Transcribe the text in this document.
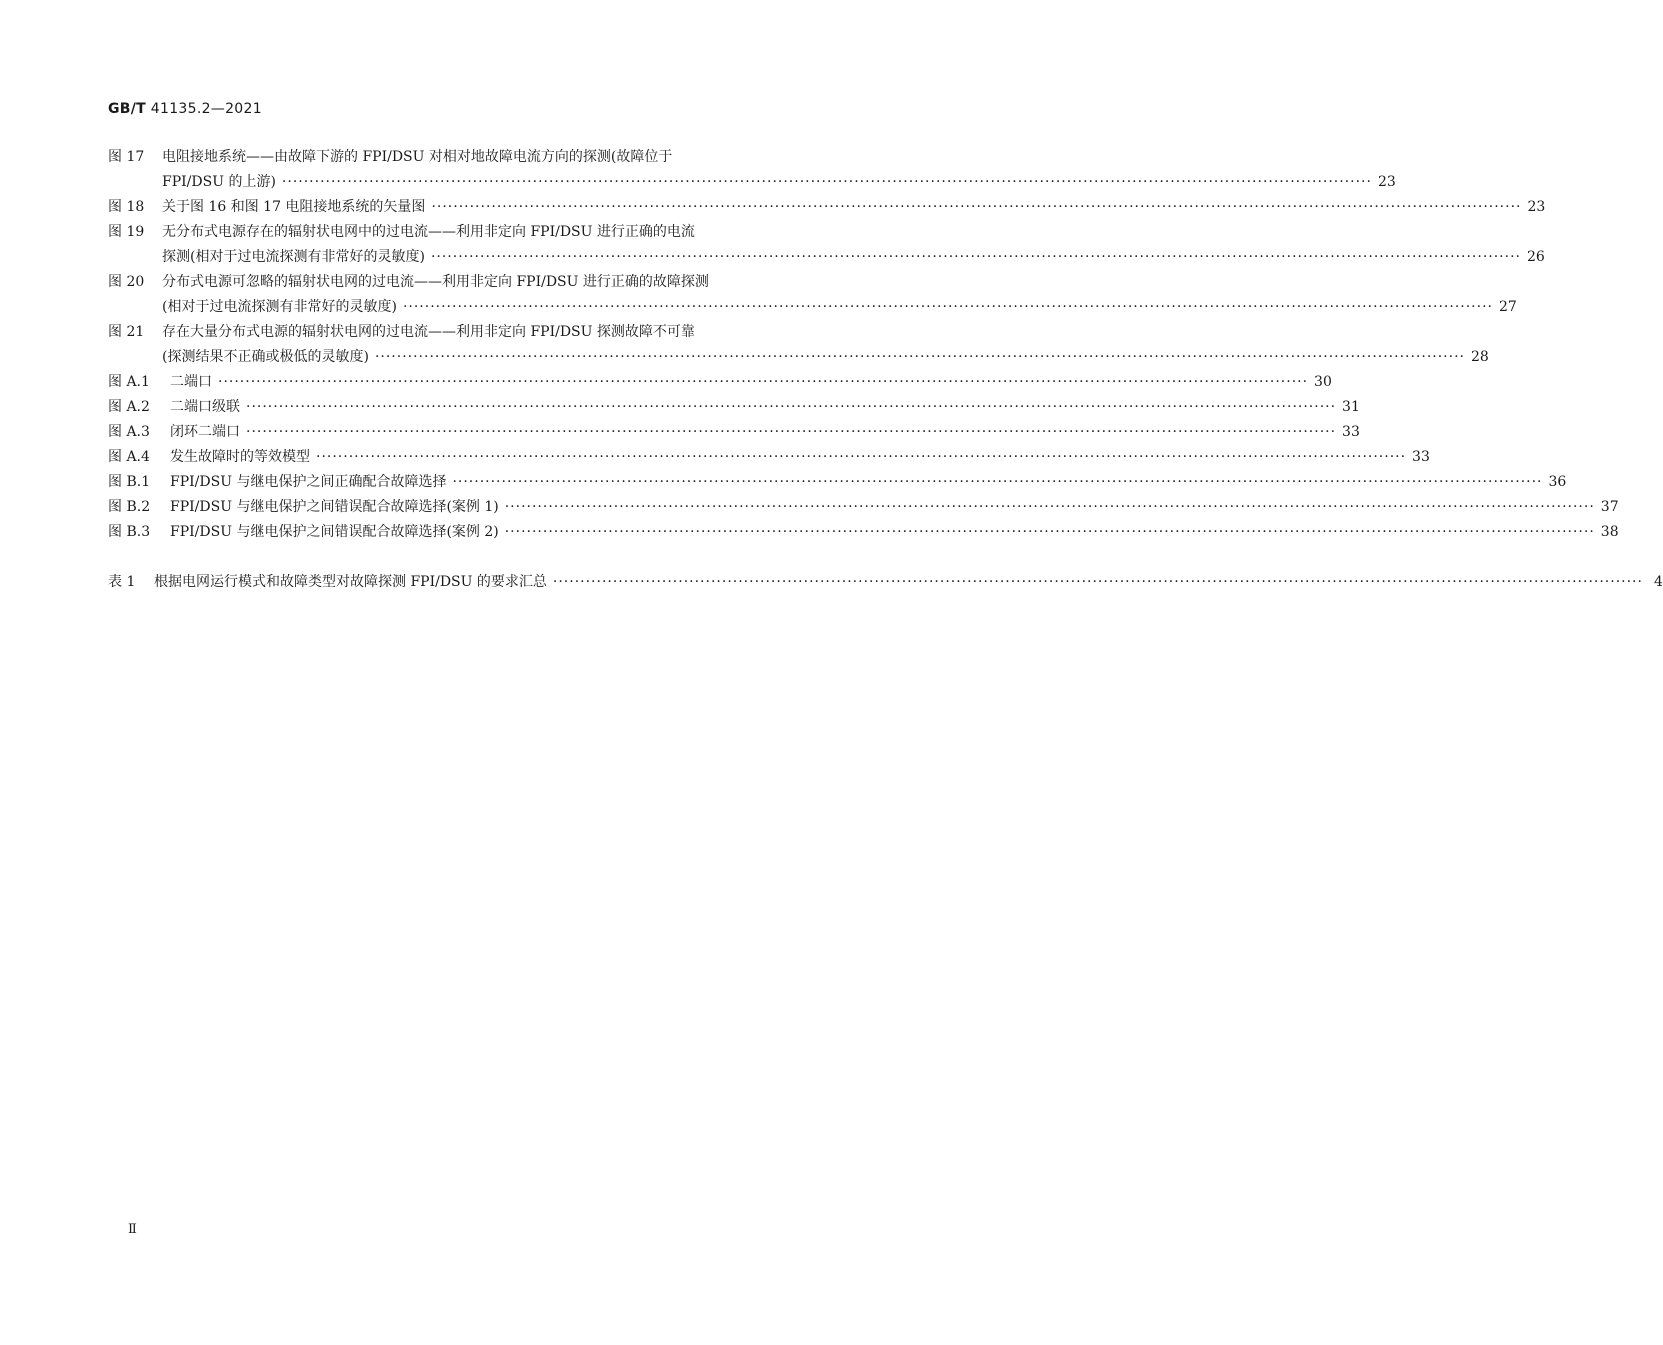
GB/T 41135.2—2021
图 17 电阻接地系统——由故障下游的 FPI/DSU 对相对地故障电流方向的探测(故障位于
FPI/DSU 的上游) ········································································································································································································ 23
图 18 关于图 16 和图 17 电阻接地系统的矢量图 ········································································································································································································ 23
图 19 无分布式电源存在的辐射状电网中的过电流——利用非定向 FPI/DSU 进行正确的电流
探测(相对于过电流探测有非常好的灵敏度) ········································································································································································································ 26
图 20 分布式电源可忽略的辐射状电网的过电流——利用非定向 FPI/DSU 进行正确的故障探测
(相对于过电流探测有非常好的灵敏度) ········································································································································································································ 27
图 21 存在大量分布式电源的辐射状电网的过电流——利用非定向 FPI/DSU 探测故障不可靠
(探测结果不正确或极低的灵敏度) ········································································································································································································ 28
图 A.1 二端口 ········································································································································································································ 30
图 A.2 二端口级联 ········································································································································································································ 31
图 A.3 闭环二端口 ········································································································································································································ 33
图 A.4 发生故障时的等效模型 ········································································································································································································ 33
图 B.1 FPI/DSU 与继电保护之间正确配合故障选择 ········································································································································································································ 36
图 B.2 FPI/DSU 与继电保护之间错误配合故障选择(案例 1) ········································································································································································································ 37
图 B.3 FPI/DSU 与继电保护之间错误配合故障选择(案例 2) ········································································································································································································ 38
表 1 根据电网运行模式和故障类型对故障探测 FPI/DSU 的要求汇总 ········································································································································································································ 4
Ⅱ
